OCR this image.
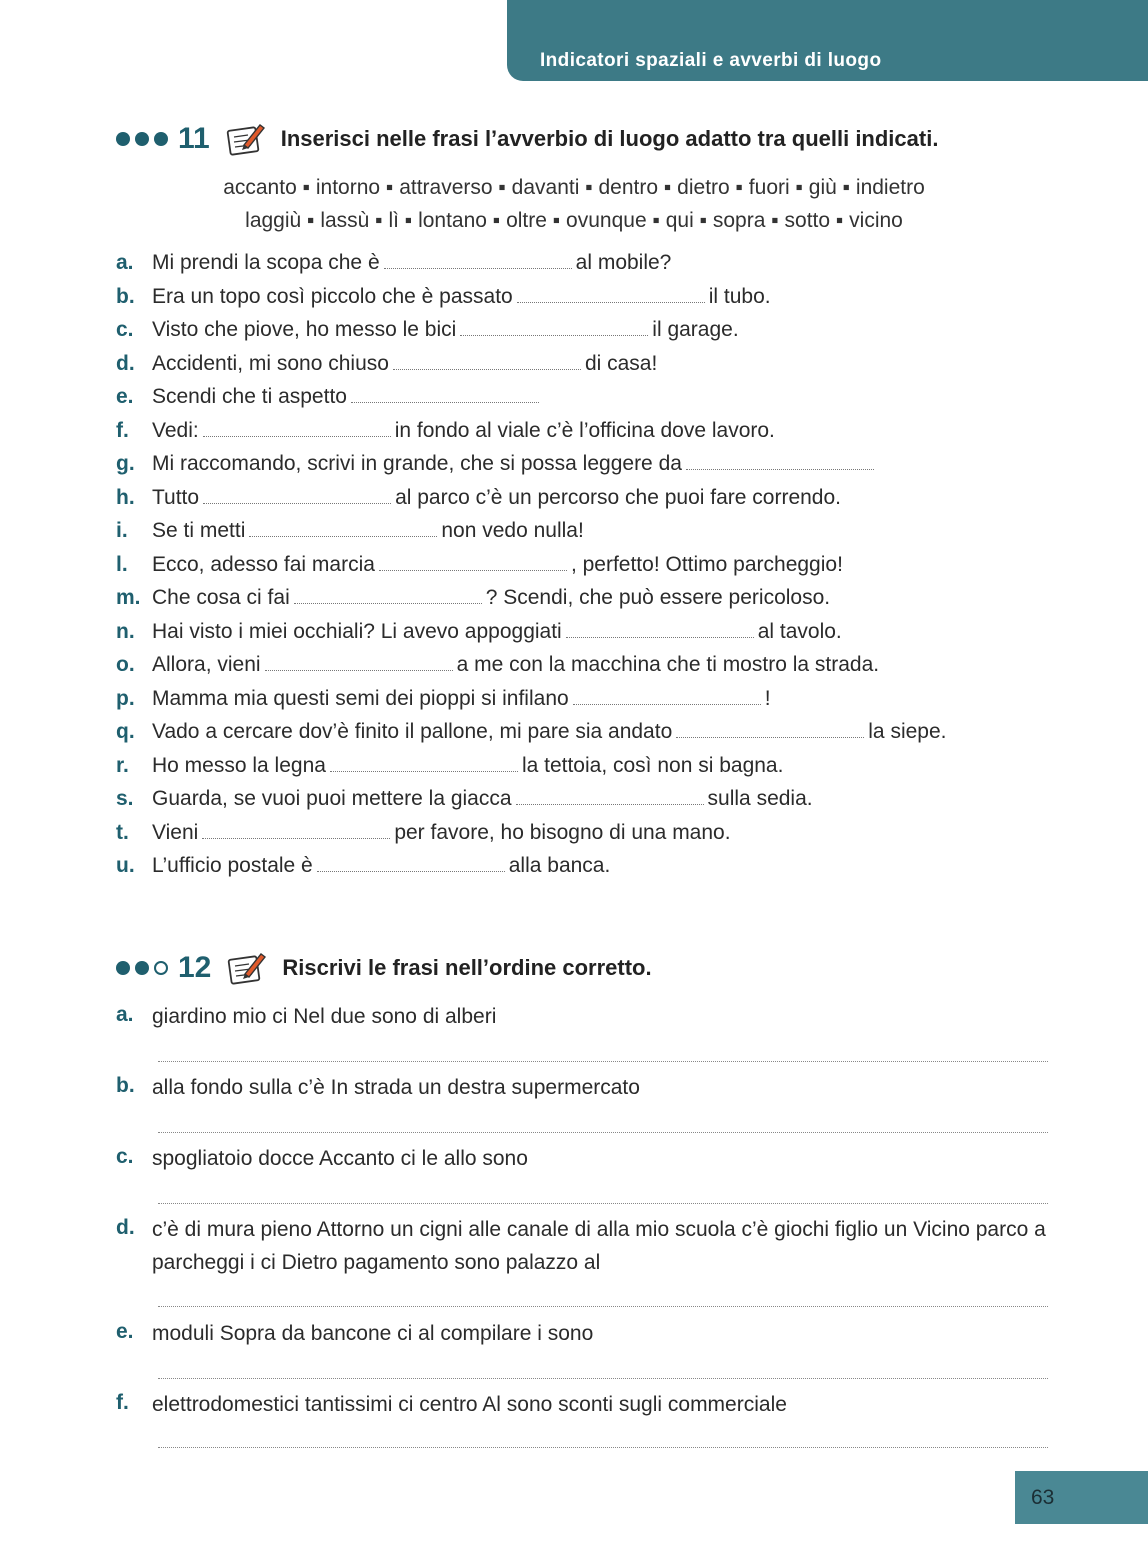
Indicatori spaziali e avverbi di luogo
11	Inserisci nelle frasi l’avverbio di luogo adatto tra quelli indicati.
accanto ▪ intorno ▪ attraverso ▪ davanti ▪ dentro ▪ dietro ▪ fuori ▪ giù ▪ indietro
laggiù ▪ lassù ▪ lì ▪ lontano ▪ oltre ▪ ovunque ▪ qui ▪ sopra ▪ sotto ▪ vicino
a. Mi prendi la scopa che è	al mobile?
b. Era un topo così piccolo che è passato	il tubo.
c. Visto che piove, ho messo le bici	il garage.
d. Accidenti, mi sono chiuso	di casa!
e. Scendi che ti aspetto
f.	Vedi:	in fondo al viale c’è l’officina dove lavoro.
g. Mi raccomando, scrivi in grande, che si possa leggere da
h. Tutto	al parco c’è un percorso che puoi fare correndo.
i.	Se ti metti	non vedo nulla!
l.	Ecco, adesso fai marcia	, perfetto! Ottimo parcheggio!
m. Che cosa ci fai	? Scendi, che può essere pericoloso.
n. Hai visto i miei occhiali? Li avevo appoggiati	al tavolo.
o. Allora, vieni	a me con la macchina che ti mostro la strada.
p. Mamma mia questi semi dei pioppi si infilano	!
q. Vado a cercare dov’è finito il pallone, mi pare sia andato	la siepe.
r.	Ho messo la legna	la tettoia, così non si bagna.
s. Guarda, se vuoi puoi mettere la giacca	sulla sedia.
t.	Vieni	per favore, ho bisogno di una mano.
u. L’ufficio postale è	alla banca.
12	Riscrivi le frasi nell’ordine corretto.
a. giardino mio ci Nel due sono di alberi
b. alla fondo sulla c’è In strada un destra supermercato
c. spogliatoio docce Accanto ci le allo sono
d. c’è di mura pieno Attorno un cigni alle canale di alla mio scuola c’è giochi figlio un Vicino parco a parcheggi i ci Dietro pagamento sono palazzo al
e. moduli Sopra da bancone ci al compilare i sono
f. elettrodomestici tantissimi ci centro Al sono sconti sugli commerciale
63
